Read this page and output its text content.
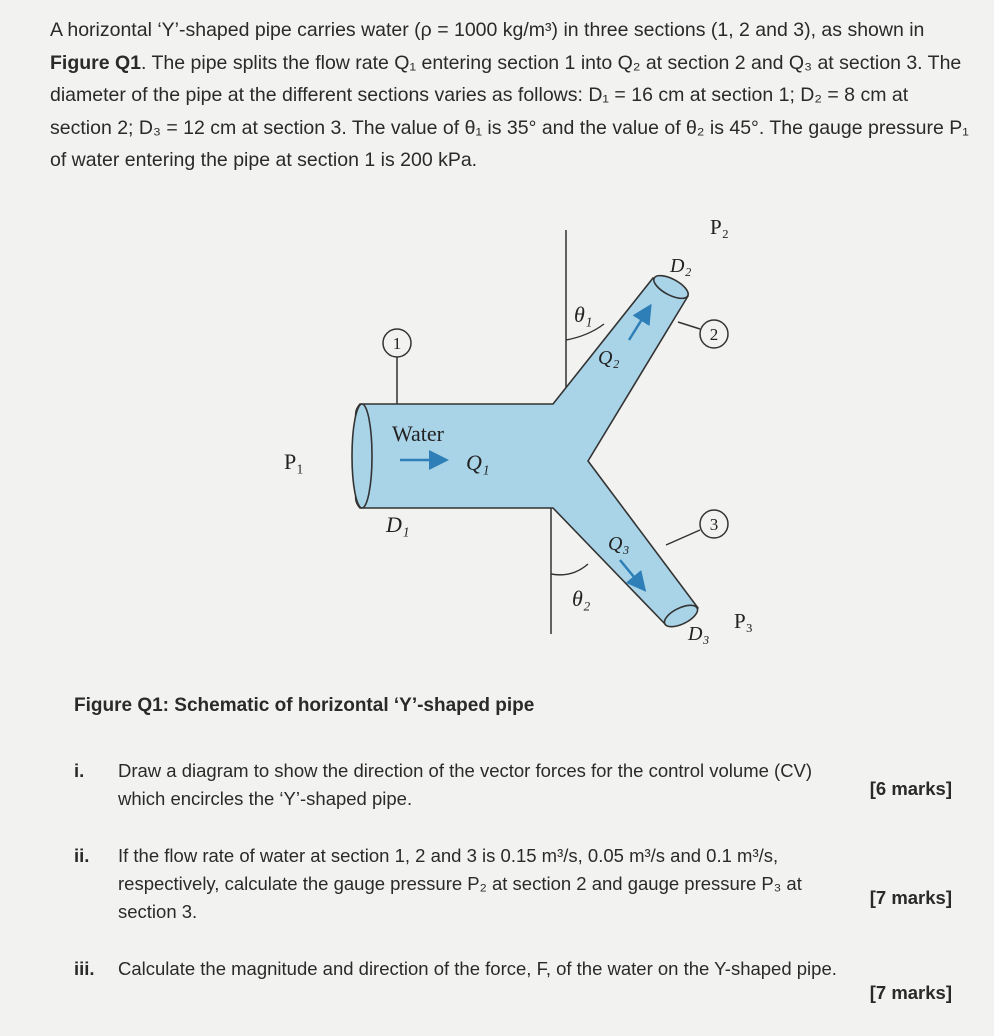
A horizontal ‘Y’-shaped pipe carries water (ρ = 1000 kg/m³) in three sections (1, 2 and 3), as shown in Figure Q1. The pipe splits the flow rate Q₁ entering section 1 into Q₂ at section 2 and Q₃ at section 3. The diameter of the pipe at the different sections varies as follows: D₁ = 16 cm at section 1; D₂ = 8 cm at section 2; D₃ = 12 cm at section 3. The value of θ₁ is 35° and the value of θ₂ is 45°. The gauge pressure P₁ of water entering the pipe at section 1 is 200 kPa.

1	2
3
Water
Q₁
Q₂
Q₃
D₁
D₂
D₃
P₁
P₂
P₃
θ₁
θ₂

Figure Q1: Schematic of horizontal ‘Y’-shaped pipe

i. Draw a diagram to show the direction of the vector forces for the control volume (CV)
which encircles the ‘Y’-shaped pipe.	[6 marks]
ii. If the flow rate of water at section 1, 2 and 3 is 0.15 m³/s, 0.05 m³/s and 0.1 m³/s,
respectively, calculate the gauge pressure P₂ at section 2 and gauge pressure P₃ at
section 3.
[7 marks]
iii. Calculate the magnitude and direction of the force, F, of the water on the Y-shaped pipe.
[7 marks]
